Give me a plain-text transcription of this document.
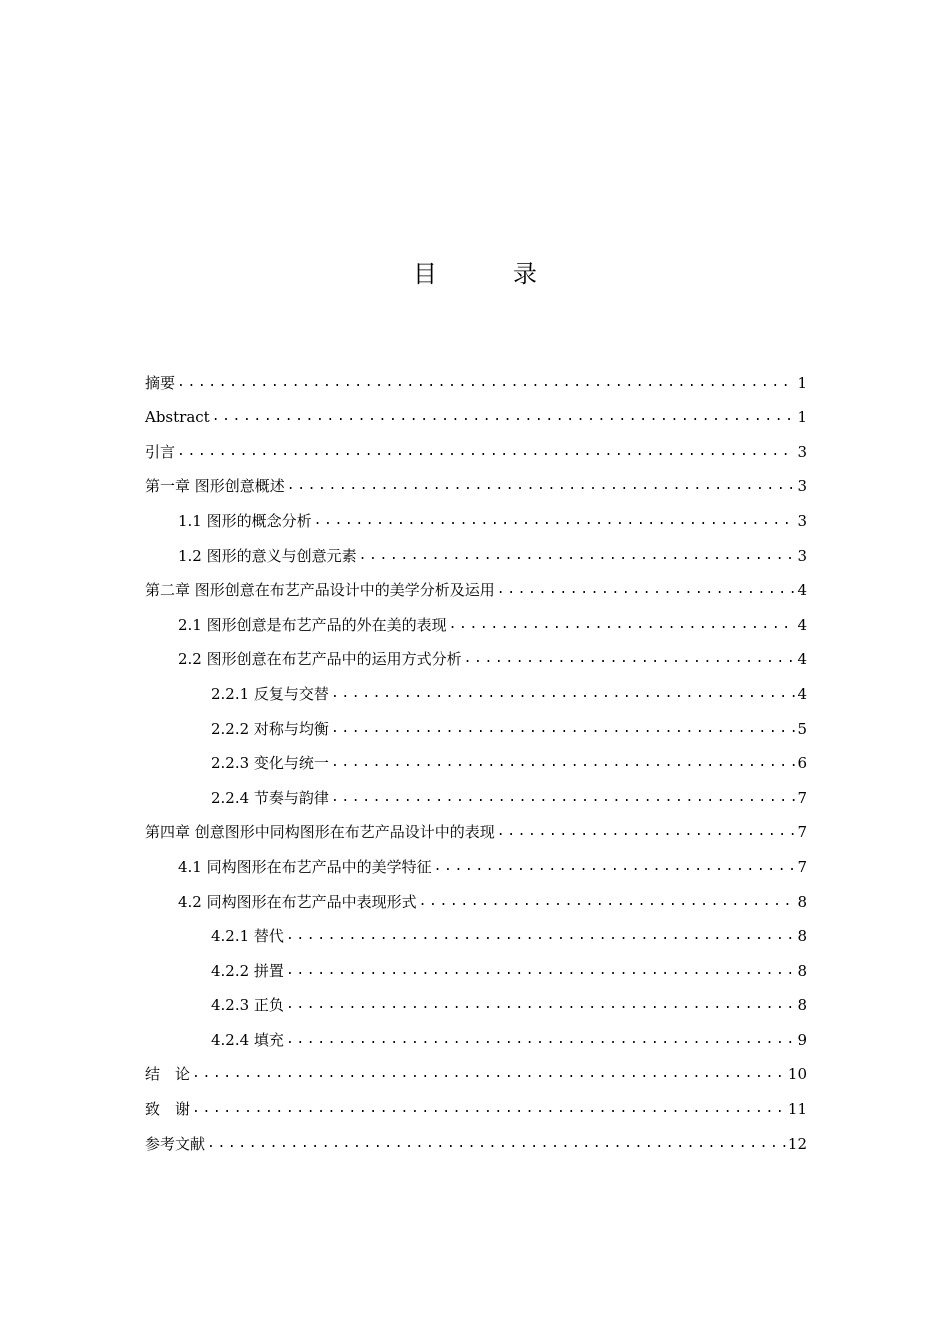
目　录
摘要 .....	1
Abstract .....	1
引言 .....	3
第一章 图形创意概述 .....	3
1.1 图形的概念分析 .....	3
1.2 图形的意义与创意元素 .....	3
第二章 图形创意在布艺产品设计中的美学分析及运用 .....	4
2.1 图形创意是布艺产品的外在美的表现 .....	4
2.2 图形创意在布艺产品中的运用方式分析 .....	4
2.2.1 反复与交替 .....	4
2.2.2 对称与均衡 .....	5
2.2.3 变化与统一 .....	6
2.2.4 节奏与韵律 .....	7
第四章 创意图形中同构图形在布艺产品设计中的表现 .....	7
4.1 同构图形在布艺产品中的美学特征 .....	7
4.2 同构图形在布艺产品中表现形式 .....	8
4.2.1 替代 .....	8
4.2.2 拼置 .....	8
4.2.3 正负 .....	8
4.2.4 填充 .....	9
结　论 .....	10
致　谢 .....	11
参考文献 .....	12
